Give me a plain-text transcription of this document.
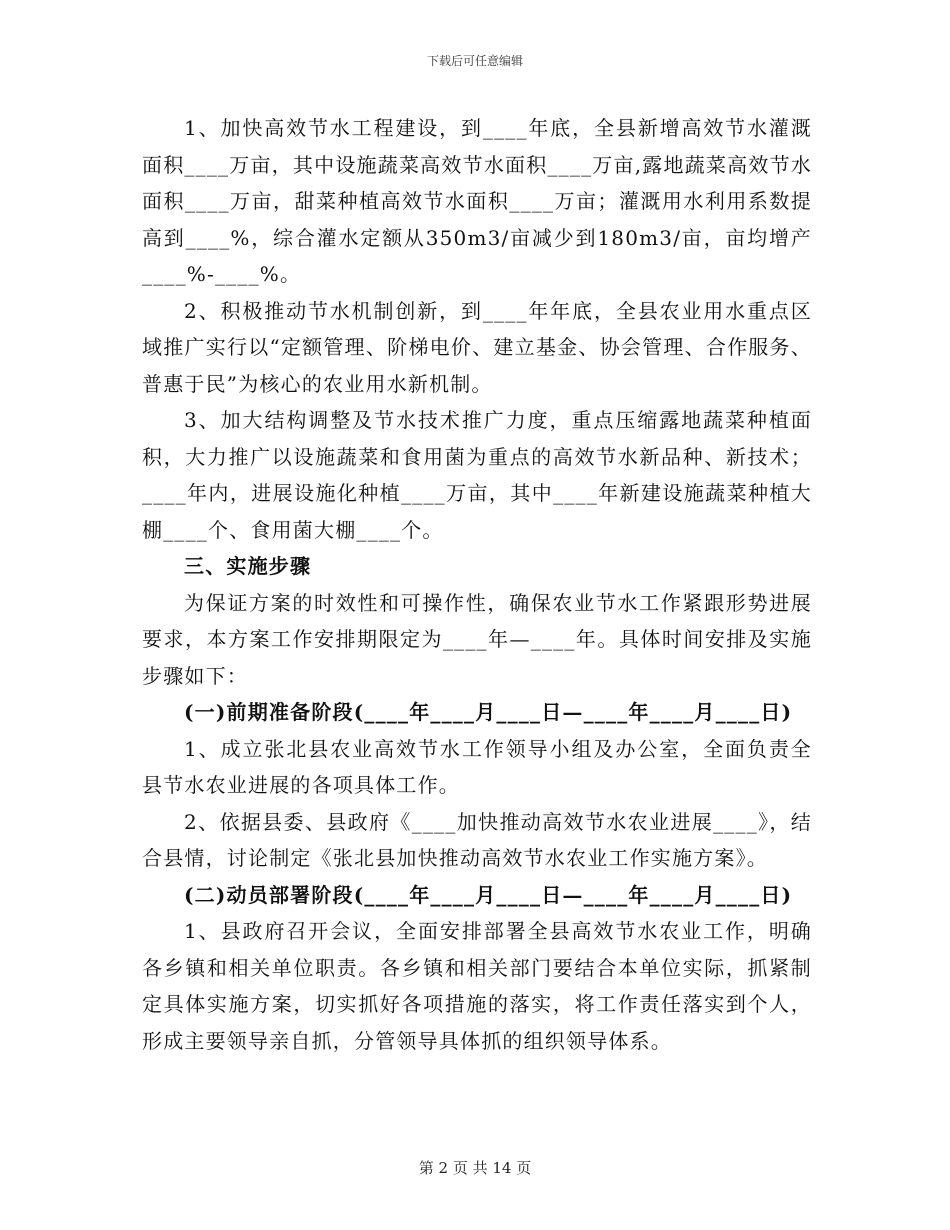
下载后可任意编辑

1、加快高效节水工程建设，到____年底，全县新增高效节水灌溉面积____万亩，其中设施蔬菜高效节水面积____万亩,露地蔬菜高效节水面积____万亩，甜菜种植高效节水面积____万亩；灌溉用水利用系数提高到____%，综合灌水定额从350m3/亩减少到180m3/亩，亩均增产____%-____%。

2、积极推动节水机制创新，到____年年底，全县农业用水重点区域推广实行以“定额管理、阶梯电价、建立基金、协会管理、合作服务、普惠于民”为核心的农业用水新机制。

3、加大结构调整及节水技术推广力度，重点压缩露地蔬菜种植面积，大力推广以设施蔬菜和食用菌为重点的高效节水新品种、新技术；____年内，进展设施化种植____万亩，其中____年新建设施蔬菜种植大棚____个、食用菌大棚____个。

三、实施步骤

为保证方案的时效性和可操作性，确保农业节水工作紧跟形势进展要求，本方案工作安排期限定为____年—____年。具体时间安排及实施步骤如下：

(一)前期准备阶段(____年____月____日—____年____月____日)

1、成立张北县农业高效节水工作领导小组及办公室，全面负责全县节水农业进展的各项具体工作。

2、依据县委、县政府《____加快推动高效节水农业进展____》，结合县情，讨论制定《张北县加快推动高效节水农业工作实施方案》。

(二)动员部署阶段(____年____月____日—____年____月____日)

1、县政府召开会议，全面安排部署全县高效节水农业工作，明确各乡镇和相关单位职责。各乡镇和相关部门要结合本单位实际，抓紧制定具体实施方案，切实抓好各项措施的落实，将工作责任落实到个人，形成主要领导亲自抓，分管领导具体抓的组织领导体系。

第 2 页 共 14 页
